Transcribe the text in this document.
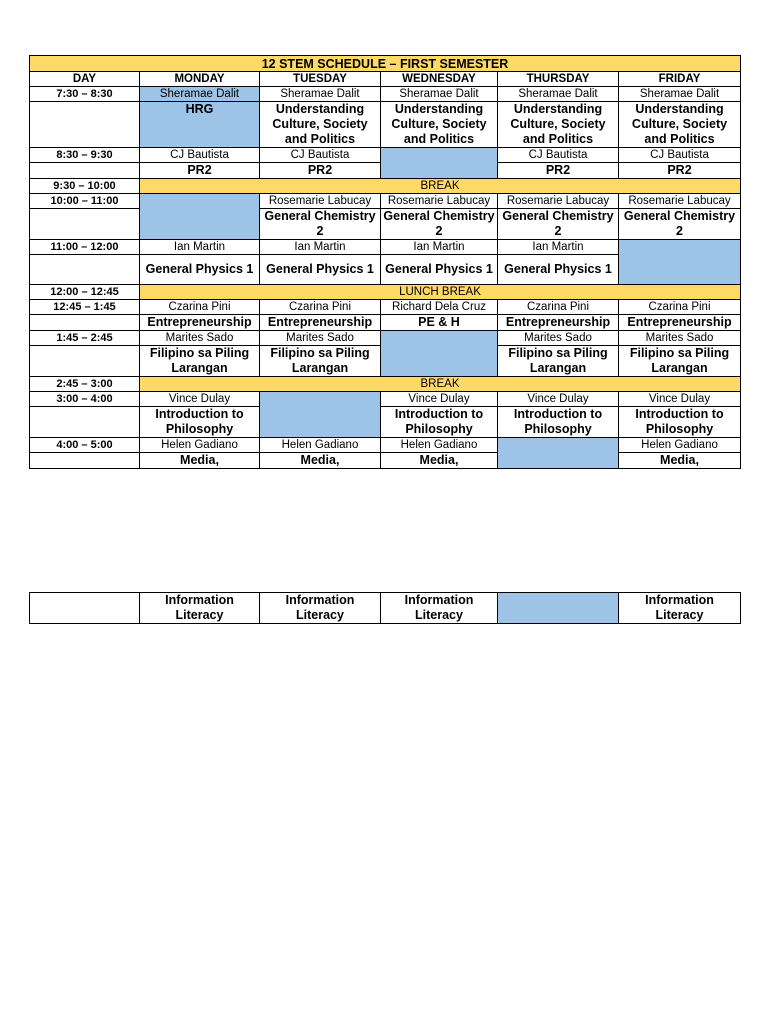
12 STEM SCHEDULE – FIRST SEMESTER					
DAY	MONDAY	TUESDAY	WEDNESDAY	THURSDAY	FRIDAY
7:30 – 8:30	Sheramae Dalit	Sheramae Dalit	Sheramae Dalit	Sheramae Dalit	Sheramae Dalit
	HRG	Understanding Culture, Society and Politics	Understanding Culture, Society and Politics	Understanding Culture, Society and Politics	Understanding Culture, Society and Politics
8:30 – 9:30	CJ Bautista	CJ Bautista		CJ Bautista	CJ Bautista
	PR2	PR2		PR2	PR2
9:30 – 10:00	BREAK				
10:00 – 11:00		Rosemarie Labucay	Rosemarie Labucay	Rosemarie Labucay	Rosemarie Labucay
		General Chemistry 2	General Chemistry 2	General Chemistry 2	General Chemistry 2
11:00 – 12:00	Ian Martin	Ian Martin	Ian Martin	Ian Martin	
	General Physics 1	General Physics 1	General Physics 1	General Physics 1	
12:00 – 12:45	LUNCH BREAK				
12:45 – 1:45	Czarina Pini	Czarina Pini	Richard Dela Cruz	Czarina Pini	Czarina Pini
	Entrepreneurship	Entrepreneurship	PE & H	Entrepreneurship	Entrepreneurship
1:45 – 2:45	Marites Sado	Marites Sado		Marites Sado	Marites Sado
	Filipino sa Piling Larangan	Filipino sa Piling Larangan		Filipino sa Piling Larangan	Filipino sa Piling Larangan
2:45 – 3:00	BREAK				
3:00 – 4:00	Vince Dulay		Vince Dulay	Vince Dulay	Vince Dulay
	Introduction to Philosophy		Introduction to Philosophy	Introduction to Philosophy	Introduction to Philosophy
4:00 – 5:00	Helen Gadiano	Helen Gadiano	Helen Gadiano		Helen Gadiano
	Media,	Media,	Media,		Media,
	Information Literacy	Information Literacy	Information Literacy		Information Literacy
